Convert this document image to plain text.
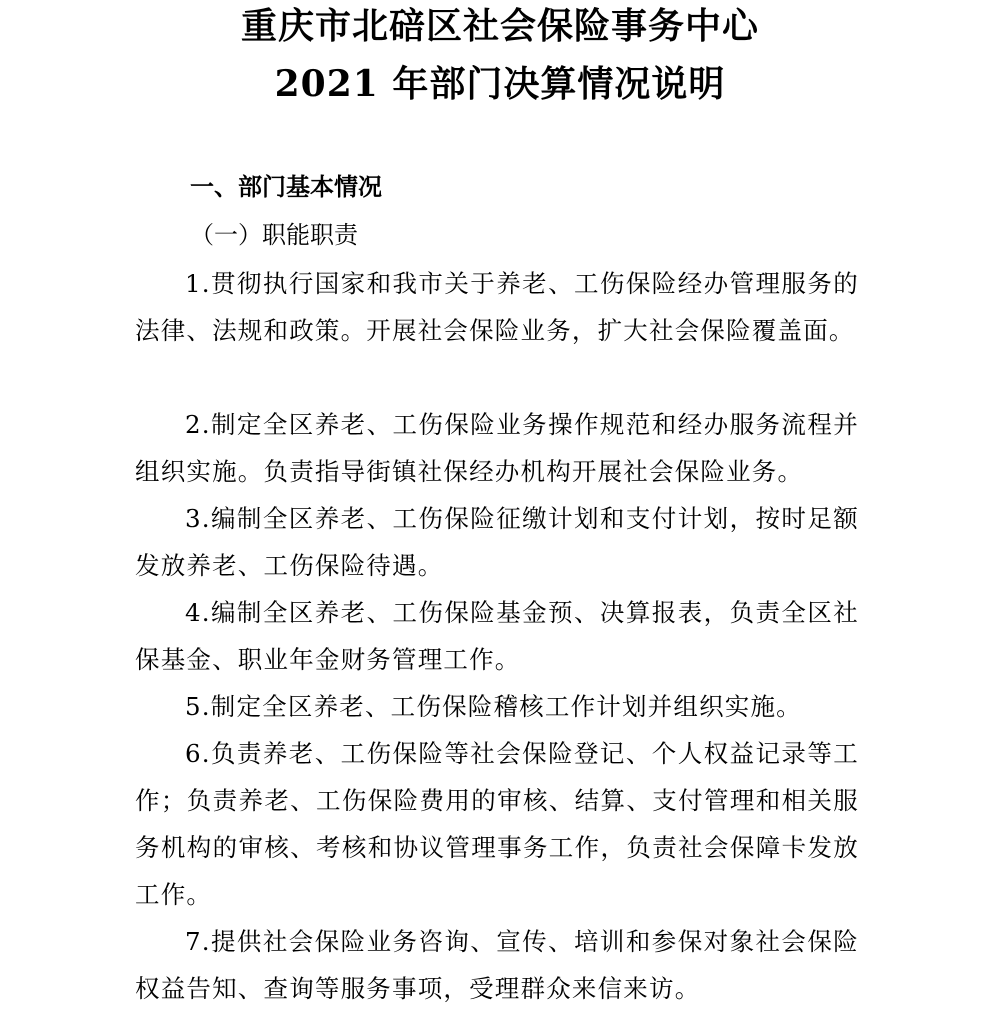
重庆市北碚区社会保险事务中心
2021 年部门决算情况说明
一、部门基本情况
（一）职能职责
1.贯彻执行国家和我市关于养老、工伤保险经办管理服务的法律、法规和政策。开展社会保险业务，扩大社会保险覆盖面。
2.制定全区养老、工伤保险业务操作规范和经办服务流程并组织实施。负责指导街镇社保经办机构开展社会保险业务。
3.编制全区养老、工伤保险征缴计划和支付计划，按时足额发放养老、工伤保险待遇。
4.编制全区养老、工伤保险基金预、决算报表，负责全区社保基金、职业年金财务管理工作。
5.制定全区养老、工伤保险稽核工作计划并组织实施。
6.负责养老、工伤保险等社会保险登记、个人权益记录等工作；负责养老、工伤保险费用的审核、结算、支付管理和相关服务机构的审核、考核和协议管理事务工作，负责社会保障卡发放工作。
7.提供社会保险业务咨询、宣传、培训和参保对象社会保险权益告知、查询等服务事项，受理群众来信来访。
